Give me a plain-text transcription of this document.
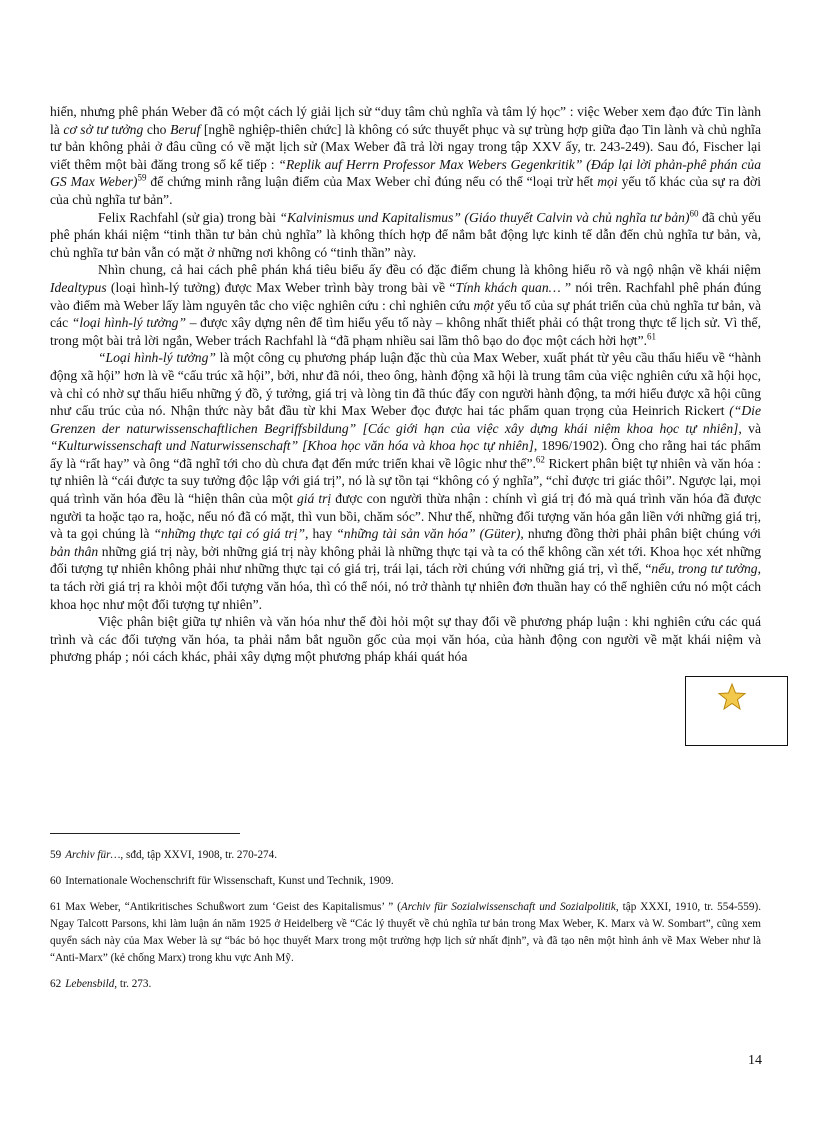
hiến, nhưng phê phán Weber đã có một cách lý giải lịch sử “duy tâm chủ nghĩa và tâm lý học” : việc Weber xem đạo đức Tin lành là cơ sở tư tưởng cho Beruf [nghề nghiệp-thiên chức] là không có sức thuyết phục và sự trùng hợp giữa đạo Tin lành và chủ nghĩa tư bản không phải ở đâu cũng có về mặt lịch sử (Max Weber đã trả lời ngay trong tập XXV ấy, tr. 243-249). Sau đó, Fischer lại viết thêm một bài đăng trong số kế tiếp : “Replik auf Herrn Professor Max Webers Gegenkritik” (Đáp lại lời phản-phê phán của GS Max Weber)$^{59}$ để chứng minh rằng luận điểm của Max Weber chỉ đúng nếu có thể “loại trừ hết mọi yếu tố khác của sự ra đời của chủ nghĩa tư bản”.

Felix Rachfahl (sử gia) trong bài “Kalvinismus und Kapitalismus” (Giáo thuyết Calvin và chủ nghĩa tư bản)$^{60}$ đã chủ yếu phê phán khái niệm “tinh thần tư bản chủ nghĩa” là không thích hợp để nắm bắt động lực kinh tế dẫn đến chủ nghĩa tư bản, và, chủ nghĩa tư bản vẫn có mặt ở những nơi không có “tinh thần” này.

Nhìn chung, cả hai cách phê phán khá tiêu biểu ấy đều có đặc điểm chung là không hiểu rõ và ngộ nhận về khái niệm Idealtypus (loại hình-lý tưởng) được Max Weber trình bày trong bài về “Tính khách quan… ” nói trên. Rachfahl phê phán đúng vào điểm mà Weber lấy làm nguyên tắc cho việc nghiên cứu : chỉ nghiên cứu một yếu tố của sự phát triển của chủ nghĩa tư bản, và các “loại hình-lý tưởng” – được xây dựng nên để tìm hiểu yếu tố này – không nhất thiết phải có thật trong thực tế lịch sử. Vì thế, trong một bài trả lời ngắn, Weber trách Rachfahl là “đã phạm nhiều sai lầm thô bạo do đọc một cách hời hợt”.$^{61}$

“Loại hình-lý tưởng” là một công cụ phương pháp luận đặc thù của Max Weber, xuất phát từ yêu cầu thấu hiểu về “hành động xã hội” hơn là về “cấu trúc xã hội”, bởi, như đã nói, theo ông, hành động xã hội là trung tâm của việc nghiên cứu xã hội học, và chỉ có nhờ sự thấu hiểu những ý đồ, ý tưởng, giá trị và lòng tin đã thúc đẩy con người hành động, ta mới hiểu được xã hội cũng như cấu trúc của nó. Nhận thức này bắt đầu từ khi Max Weber đọc được hai tác phẩm quan trọng của Heinrich Rickert (“Die Grenzen der naturwissenschaftlichen Begriffsbildung” [Các giới hạn của việc xây dựng khái niệm khoa học tự nhiên], và “Kulturwissenschaft und Naturwissenschaft” [Khoa học văn hóa và khoa học tự nhiên], 1896/1902). Ông cho rằng hai tác phẩm ấy là “rất hay” và ông “đã nghĩ tới cho dù chưa đạt đến mức triển khai về lôgic như thế”.$^{62}$ Rickert phân biệt tự nhiên và văn hóa : tự nhiên là “cái được ta suy tưởng độc lập với giá trị”, nó là sự tồn tại “không có ý nghĩa”, “chỉ được tri giác thôi”. Ngược lại, mọi quá trình văn hóa đều là “hiện thân của một giá trị được con người thừa nhận : chính vì giá trị đó mà quá trình văn hóa đã được người ta hoặc tạo ra, hoặc, nếu nó đã có mặt, thì vun bồi, chăm sóc”. Như thế, những đối tượng văn hóa gắn liền với những giá trị, và ta gọi chúng là “những thực tại có giá trị”, hay “những tài sản văn hóa” (Güter), nhưng đồng thời phải phân biệt chúng với bản thân những giá trị này, bởi những giá trị này không phải là những thực tại và ta có thể không cần xét tới. Khoa học xét những đối tượng tự nhiên không phải như những thực tại có giá trị, trái lại, tách rời chúng với những giá trị, vì thế, “nếu, trong tư tưởng, ta tách rời giá trị ra khỏi một đối tượng văn hóa, thì có thể nói, nó trở thành tự nhiên đơn thuần hay có thể nghiên cứu nó một cách khoa học như một đối tượng tự nhiên”.

Việc phân biệt giữa tự nhiên và văn hóa như thế đòi hỏi một sự thay đổi về phương pháp luận : khi nghiên cứu các quá trình và các đối tượng văn hóa, ta phải nắm bắt nguồn gốc của mọi văn hóa, của hành động con người về mặt khái niệm và phương pháp ; nói cách khác, phải xây dựng một phương pháp khái quát hóa

59 Archiv für…, sđd, tập XXVI, 1908, tr. 270-274.

60 Internationale Wochenschrift für Wissenschaft, Kunst und Technik, 1909.

61 Max Weber, “Antikritisches Schußwort zum ‘Geist des Kapitalismus’ ” (Archiv für Sozialwissenschaft und Sozialpolitik, tập XXXI, 1910, tr. 554-559). Ngay Talcott Parsons, khi làm luận án năm 1925 ở Heidelberg về “Các lý thuyết về chủ nghĩa tư bản trong Max Weber, K. Marx và W. Sombart”, cũng xem quyển sách này của Max Weber là sự “bác bỏ học thuyết Marx trong một trường hợp lịch sử nhất định”, và đã tạo nên một hình ảnh về Max Weber như là “Anti-Marx” (kẻ chống Marx) trong khu vực Anh Mỹ.

62 Lebensbild, tr. 273.

14
